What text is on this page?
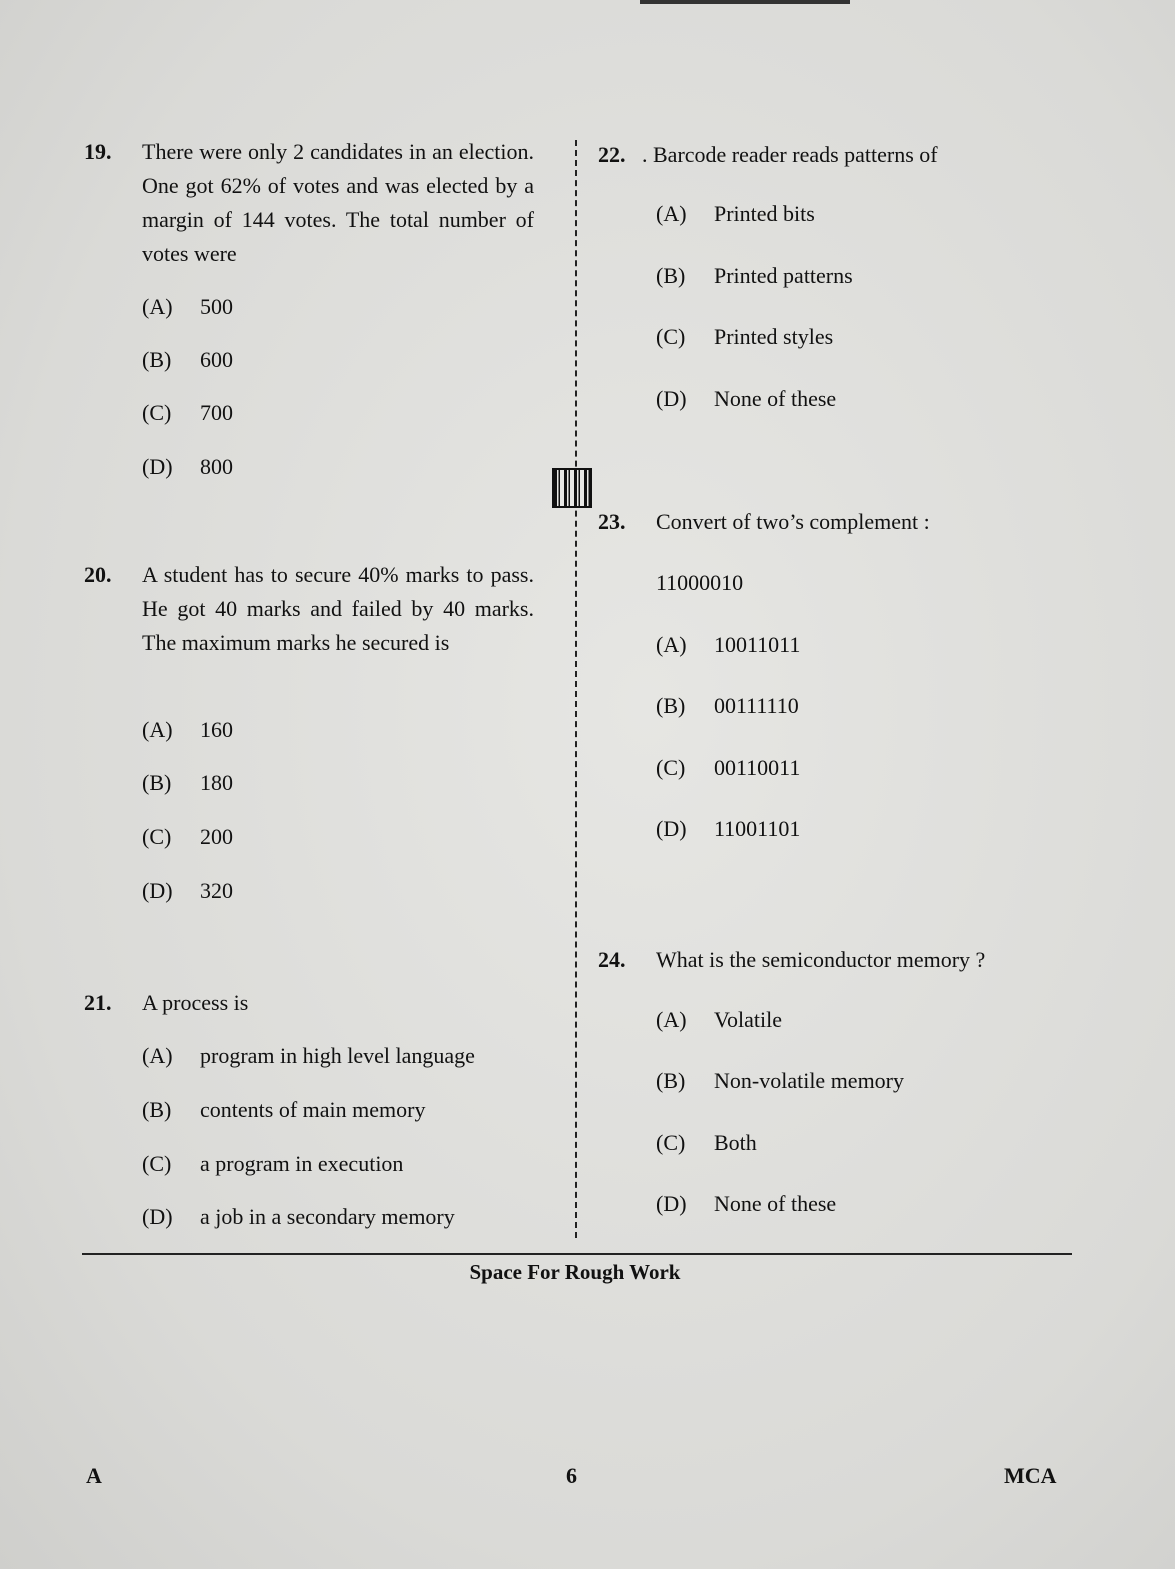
19. There were only 2 candidates in an election. One got 62% of votes and was elected by a margin of 144 votes. The total number of votes were
(A) 500
(B) 600
(C) 700
(D) 800
20. A student has to secure 40% marks to pass. He got 40 marks and failed by 40 marks. The maximum marks he secured is
(A) 160
(B) 180
(C) 200
(D) 320
21. A process is
(A) program in high level language
(B) contents of main memory
(C) a program in execution
(D) a job in a secondary memory
22. . Barcode reader reads patterns of
(A) Printed bits
(B) Printed patterns
(C) Printed styles
(D) None of these
23. Convert of two’s complement :
11000010
(A) 10011011
(B) 00111110
(C) 00110011
(D) 11001101
24. What is the semiconductor memory ?
(A) Volatile
(B) Non-volatile memory
(C) Both
(D) None of these
Space For Rough Work
A	6	MCA
